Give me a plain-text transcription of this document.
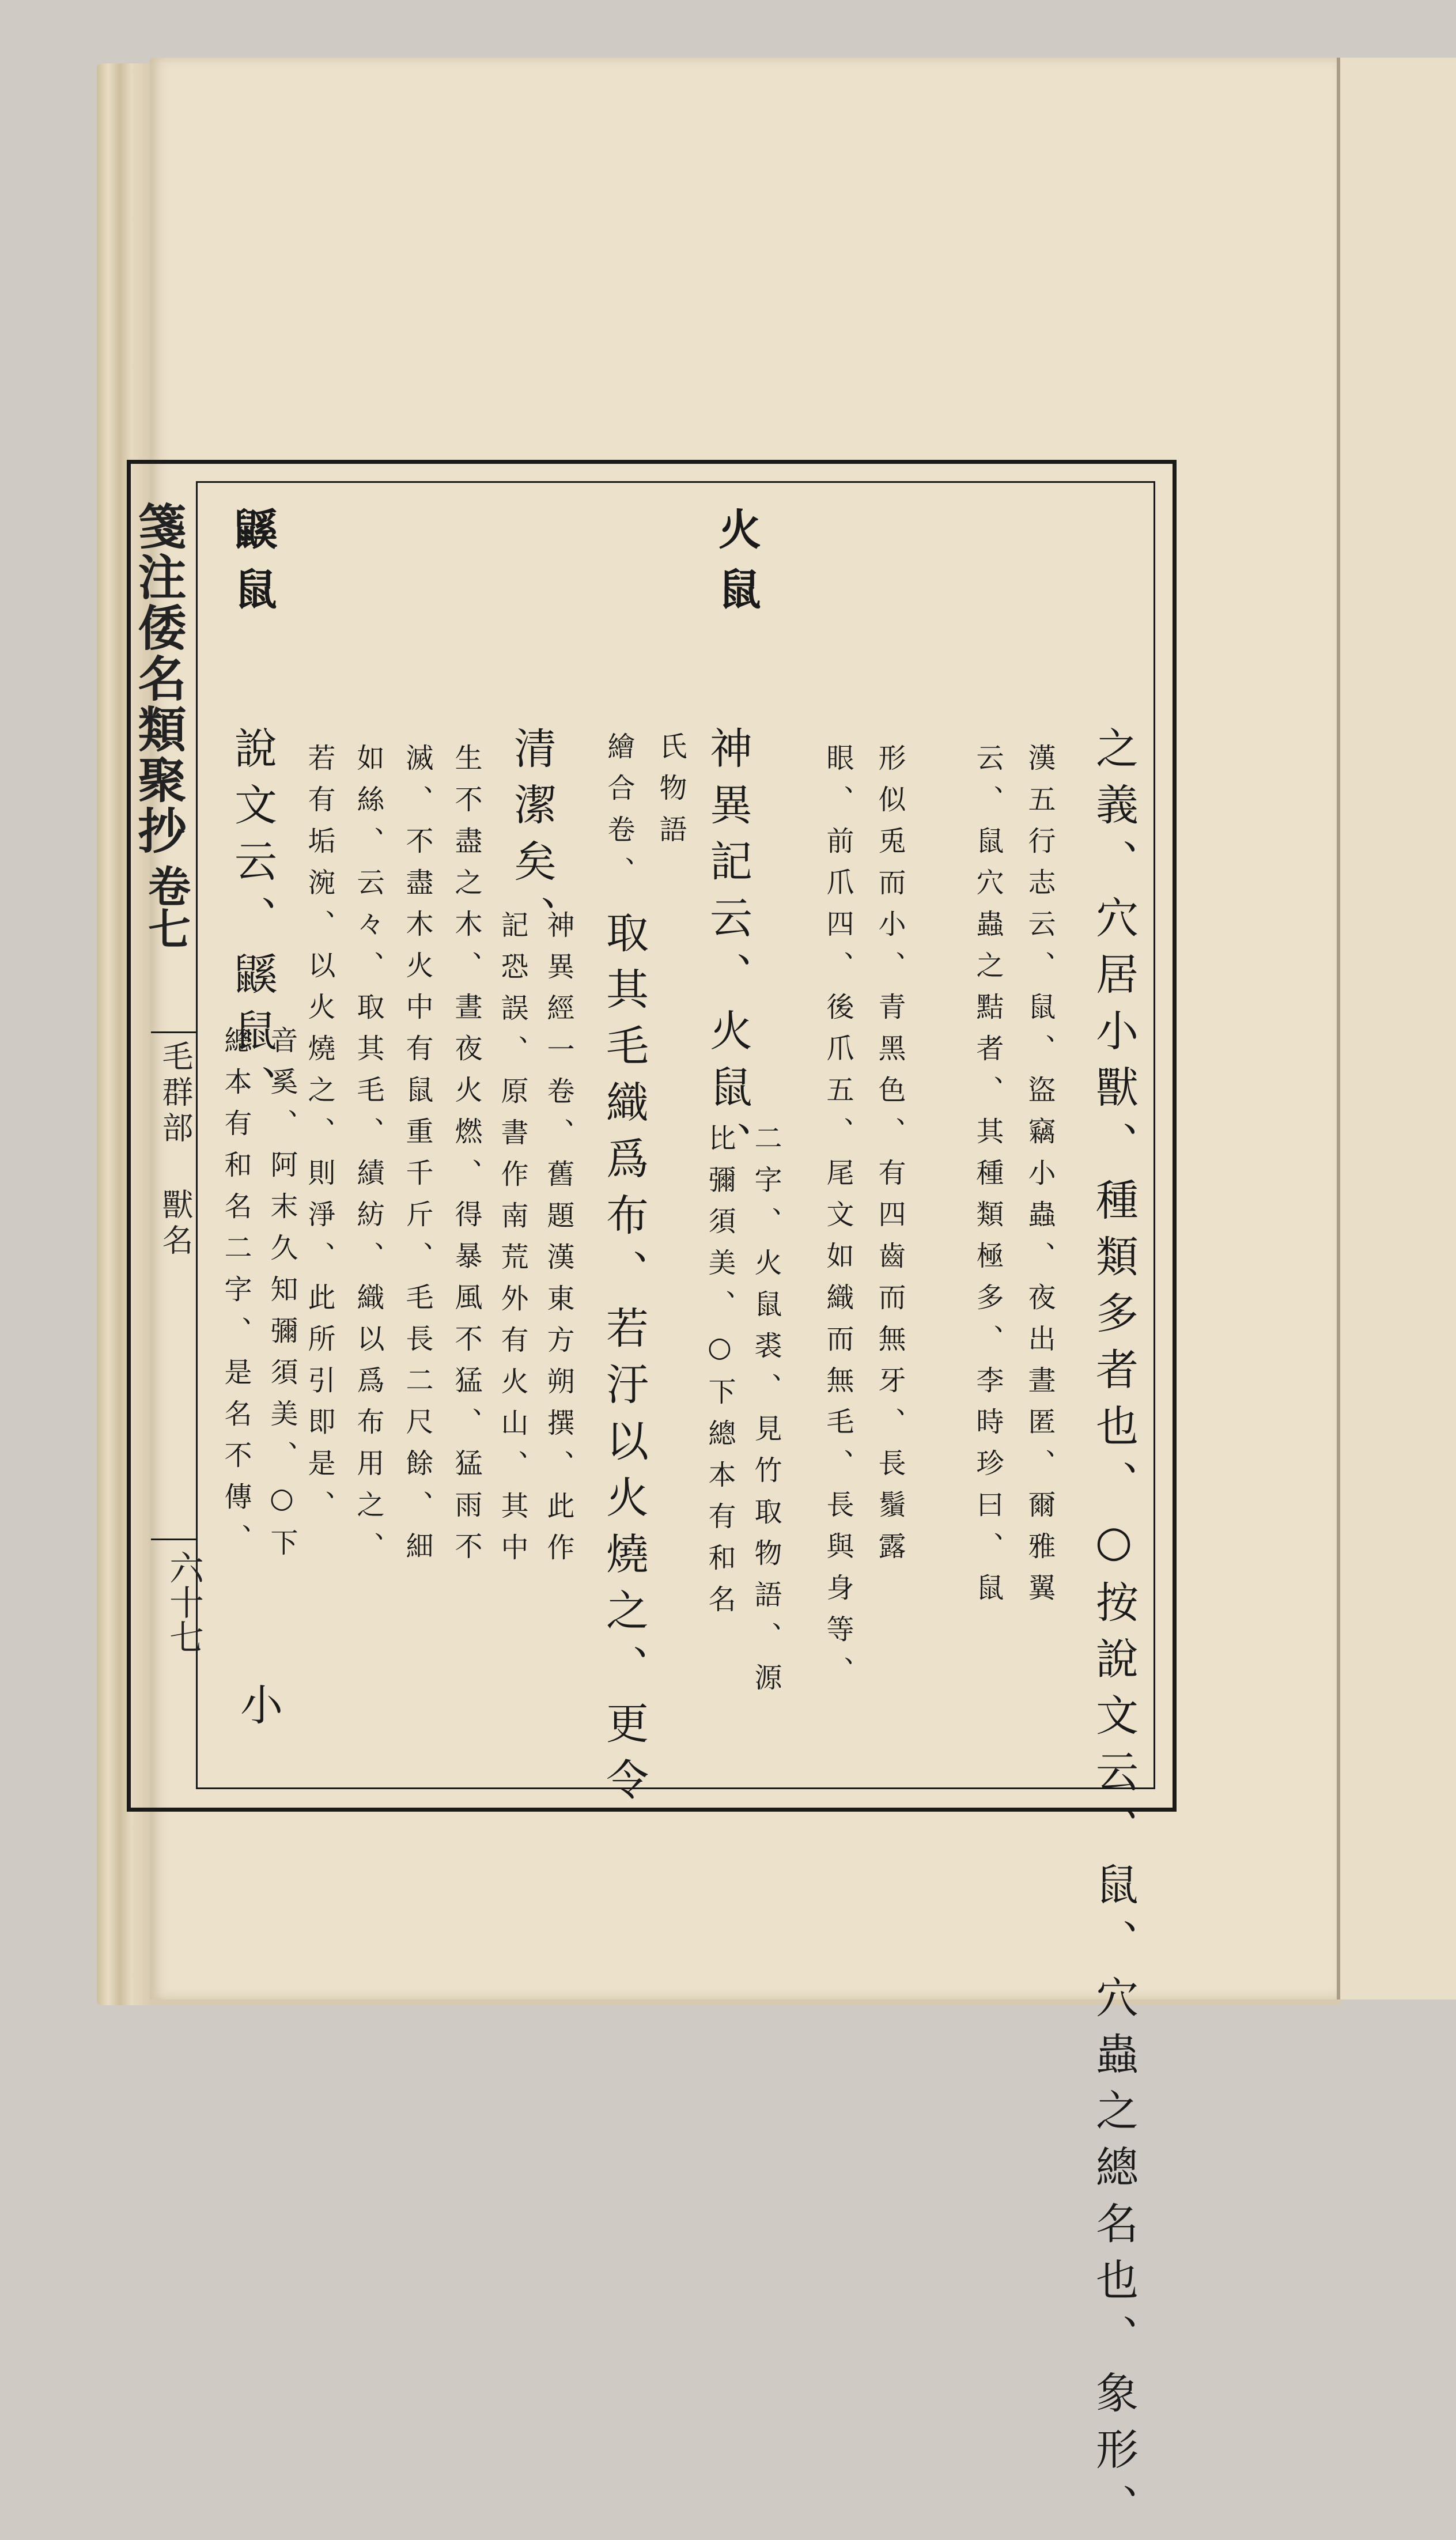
箋注倭名類聚抄
卷七
毛群部 獸名
六十七	之義、穴居小獸、種類多者也、○按說文云、鼠、穴蟲之總名也、象形、
漢五行志云、鼠、盜竊小蟲、夜出晝匿、爾雅翼
云、鼠穴蟲之黠者、其種類極多、李時珍曰、鼠
形似兎而小、青黑色、有四齒而無牙、長鬚露
眼、前爪四、後爪五、尾文如織而無毛、長與身等、
火鼠
神異記云、火鼠、
比彌須美、○下總本有和名 二字、火鼠裘、見竹取物語、源
氏物語
繪合卷、
取其毛織爲布、若汙以火燒之、更令
清潔矣、
神異經一卷、舊題漢東方朔撰、此作
記恐誤、原書作南荒外有火山、其中
生不盡之木、晝夜火燃、得暴風不猛、猛雨不
滅、不盡木火中有鼠重千斤、毛長二尺餘、細
如絲、云々、取其毛、績紡、織以爲布用之、
若有垢涴、以火燒之、則淨、此所引即是、
鼷鼠
說文云、鼷鼠、
音奚、阿末久知彌須美、○下
總本有和名二字、是名不傳、
小
